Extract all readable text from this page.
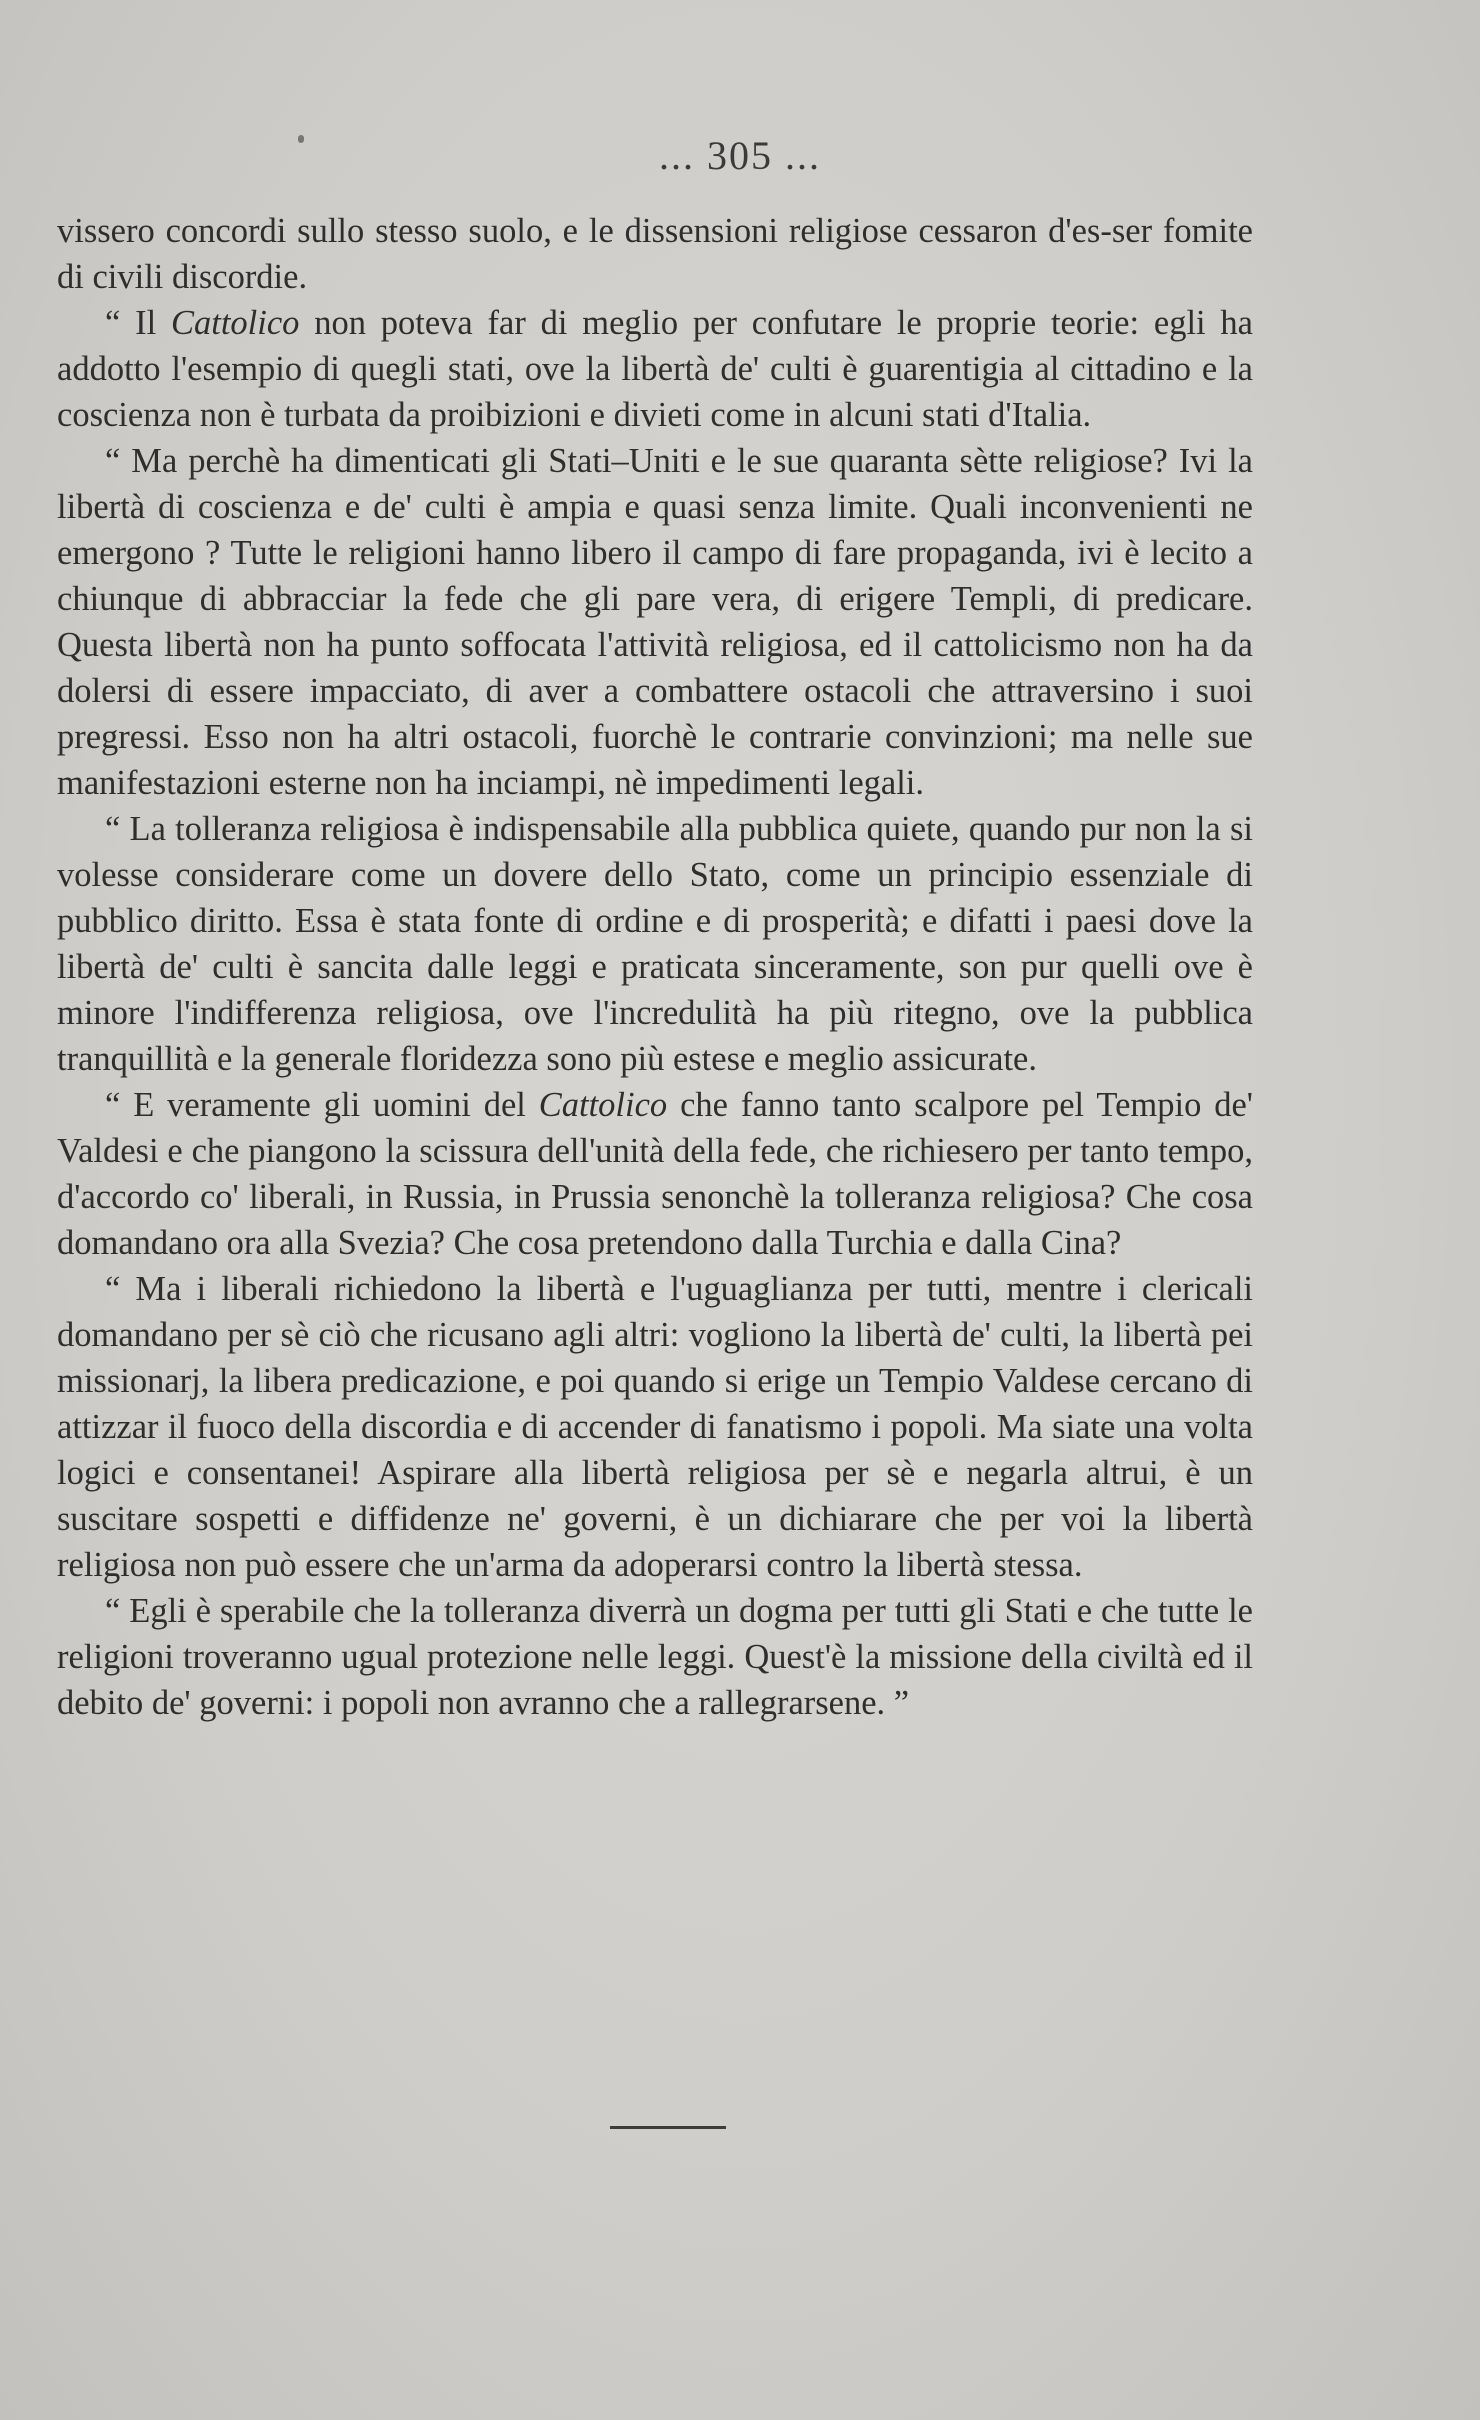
... 305 ...

vissero concordi sullo stesso suolo, e le dissensioni religiose cessaron d'es-ser fomite di civili discordie.

“ Il Cattolico non poteva far di meglio per confutare le proprie teorie: egli ha addotto l'esempio di quegli stati, ove la libertà de' culti è guarentigia al cittadino e la coscienza non è turbata da proibizioni e divieti come in alcuni stati d'Italia.

“ Ma perchè ha dimenticati gli Stati–Uniti e le sue quaranta sètte religiose? Ivi la libertà di coscienza e de' culti è ampia e quasi senza limite. Quali inconvenienti ne emergono ? Tutte le religioni hanno libero il campo di fare propaganda, ivi è lecito a chiunque di abbracciar la fede che gli pare vera, di erigere Templi, di predicare. Questa libertà non ha punto soffocata l'attività religiosa, ed il cattolicismo non ha da dolersi di essere impacciato, di aver a combattere ostacoli che attraversino i suoi pregressi. Esso non ha altri ostacoli, fuorchè le contrarie convinzioni; ma nelle sue manifestazioni esterne non ha inciampi, nè impedimenti legali.

“ La tolleranza religiosa è indispensabile alla pubblica quiete, quando pur non la si volesse considerare come un dovere dello Stato, come un principio essenziale di pubblico diritto. Essa è stata fonte di ordine e di prosperità; e difatti i paesi dove la libertà de' culti è sancita dalle leggi e praticata sinceramente, son pur quelli ove è minore l'indifferenza religiosa, ove l'incredulità ha più ritegno, ove la pubblica tranquillità e la generale floridezza sono più estese e meglio assicurate.

“ E veramente gli uomini del Cattolico che fanno tanto scalpore pel Tempio de' Valdesi e che piangono la scissura dell'unità della fede, che richiesero per tanto tempo, d'accordo co' liberali, in Russia, in Prussia senonchè la tolleranza religiosa? Che cosa domandano ora alla Svezia? Che cosa pretendono dalla Turchia e dalla Cina?

“ Ma i liberali richiedono la libertà e l'uguaglianza per tutti, mentre i clericali domandano per sè ciò che ricusano agli altri: vogliono la libertà de' culti, la libertà pei missionarj, la libera predicazione, e poi quando si erige un Tempio Valdese cercano di attizzar il fuoco della discordia e di accender di fanatismo i popoli. Ma siate una volta logici e consentanei! Aspirare alla libertà religiosa per sè e negarla altrui, è un suscitare sospetti e diffidenze ne' governi, è un dichiarare che per voi la libertà religiosa non può essere che un'arma da adoperarsi contro la libertà stessa.

“ Egli è sperabile che la tolleranza diverrà un dogma per tutti gli Stati e che tutte le religioni troveranno ugual protezione nelle leggi. Quest'è la missione della civiltà ed il debito de' governi: i popoli non avranno che a rallegrarsene. ”
